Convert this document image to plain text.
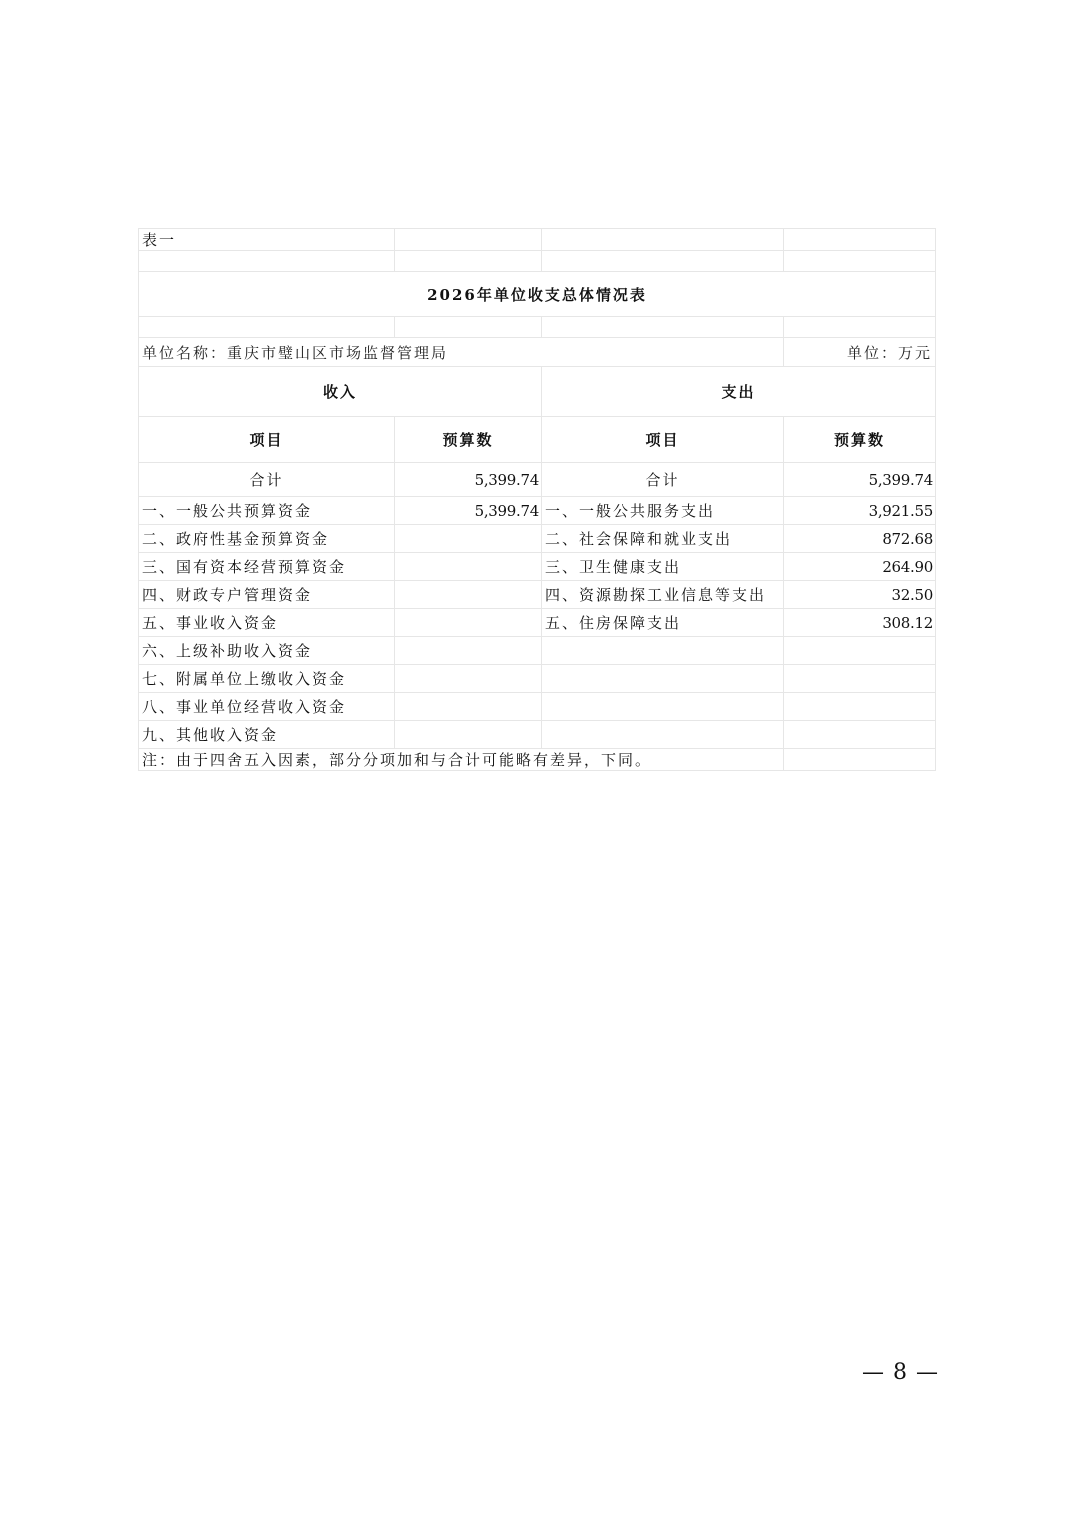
表一			

2026年单位收支总体情况表			

单位名称：重庆市璧山区市场监督管理局			单位：万元
收入		支出	
项目	预算数	项目	预算数
合计	5,399.74	合计	5,399.74
一、一般公共预算资金	5,399.74	一、一般公共服务支出	3,921.55
二、政府性基金预算资金		二、社会保障和就业支出	872.68
三、国有资本经营预算资金		三、卫生健康支出	264.90
四、财政专户管理资金		四、资源勘探工业信息等支出	32.50
五、事业收入资金		五、住房保障支出	308.12
六、上级补助收入资金			
七、附属单位上缴收入资金			
八、事业单位经营收入资金			
九、其他收入资金			
注：由于四舍五入因素，部分分项加和与合计可能略有差异，下同。			
— 8 —
